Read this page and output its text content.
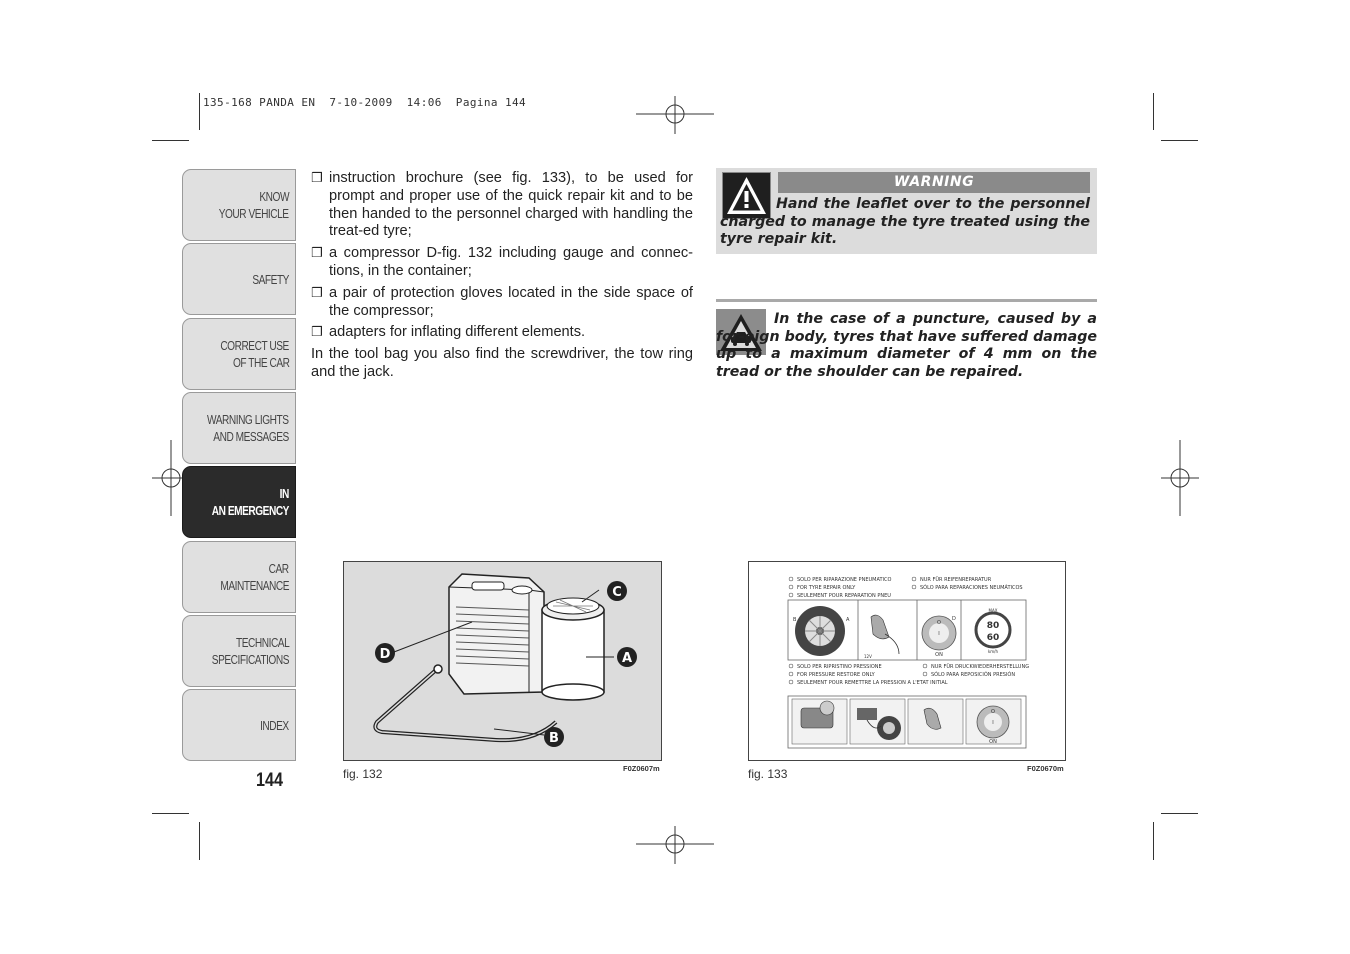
135-168 PANDA EN  7-10-2009  14:06  Pagina 144
KNOW
YOUR VEHICLE
SAFETY
CORRECT USE
OF THE CAR
WARNING LIGHTS
AND MESSAGES
IN
AN EMERGENCY
CAR
MAINTENANCE
TECHNICAL
SPECIFICATIONS
INDEX
144
❒ instruction brochure (see fig. 133), to be used for prompt and proper use of the quick repair kit and to be then handed to the personnel charged with handling the treat-ed tyre;
❒ a compressor D-fig. 132 including gauge and connec-tions, in the container;
❒ a pair of protection gloves located in the side space of the compressor;
❒ adapters for inflating different elements.
In the tool bag you also find the screwdriver, the tow ring and the jack.
WARNING
Hand the leaflet over to the personnel charged to manage the tyre treated using the tyre repair kit.
In the case of a puncture, caused by a for-eign body, tyres that have suffered damage up to a maximum diameter of 4 mm on the tread or the shoulder can be repaired.
D
C
A
B
fig. 132	F0Z0607m
SOLO PER RIPARAZIONE PNEUMATICO
FOR TYRE REPAIR ONLY
SEULEMENT POUR REPARATION PNEU
NUR FÜR REIFENREPARATUR
SÓLO PARA REPARACIONES NEUMÁTICOS
B	A
12V
O
I
ON
D
MAX
80
60
km/h
SOLO PER RIPRISTINO PRESSIONE
FOR PRESSURE RESTORE ONLY
SEULEMENT POUR REMETTRE LA PRESSION A L'ETAT INITIAL
NUR FÜR DRUCKWIEDERHERSTELLUNG
SÓLO PARA REPOSICIÓN PRESIÓN
O
I
ON
fig. 133	F0Z0670m
